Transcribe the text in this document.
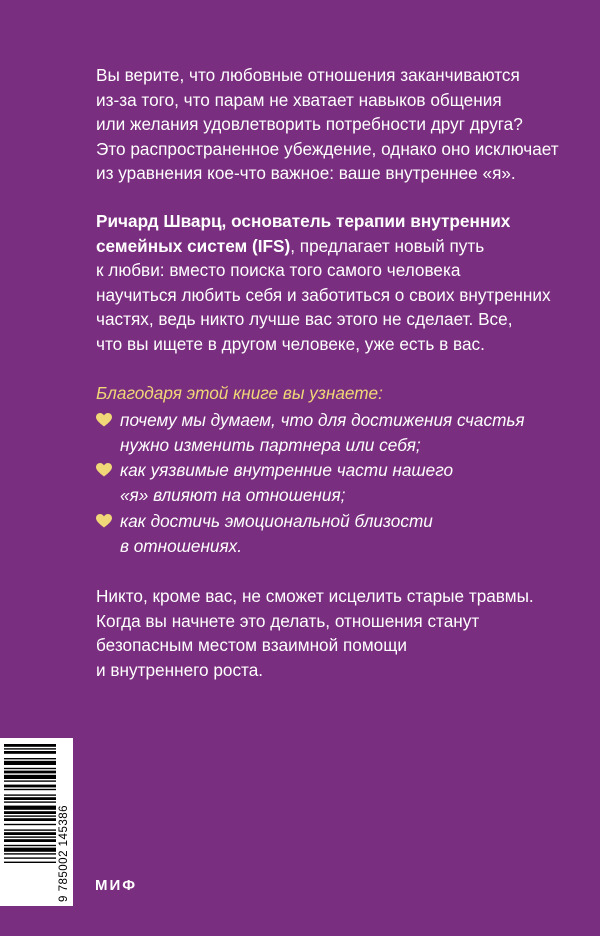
Вы верите, что любовные отношения заканчиваются
из-за того, что парам не хватает навыков общения
или желания удовлетворить потребности друг друга?
Это распространенное убеждение, однако оно исключает
из уравнения кое-что важное: ваше внутреннее «я».
Ричард Шварц, основатель терапии внутренних
семейных систем (IFS), предлагает новый путь
к любви: вместо поиска того самого человека
научиться любить себя и заботиться о своих внутренних
частях, ведь никто лучше вас этого не сделает. Все,
что вы ищете в другом человеке, уже есть в вас.
Благодаря этой книге вы узнаете:
почему мы думаем, что для достижения счастья
нужно изменить партнера или себя;
как уязвимые внутренние части нашего
«я» влияют на отношения;
как достичь эмоциональной близости
в отношениях.
Никто, кроме вас, не сможет исцелить старые травмы.
Когда вы начнете это делать, отношения станут
безопасным местом взаимной помощи
и внутреннего роста.
9 785002 145386 МИФ
